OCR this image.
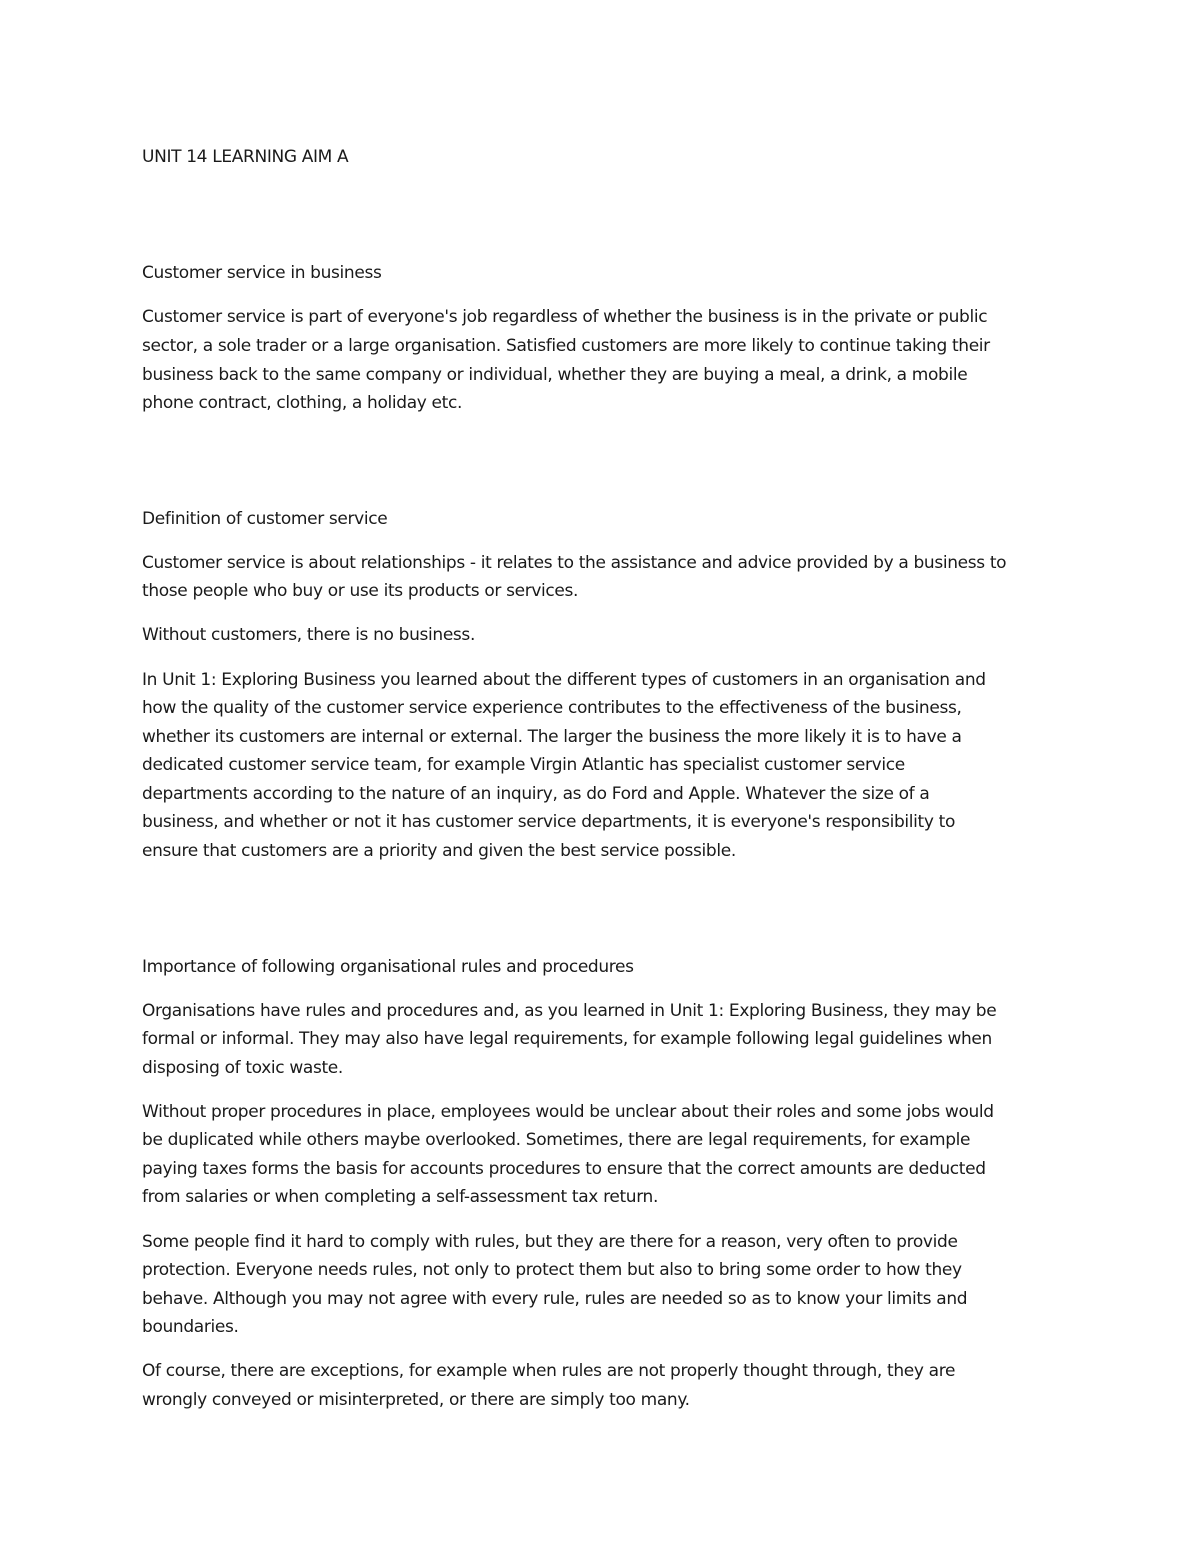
UNIT 14 LEARNING AIM A

Customer service in business

Customer service is part of everyone's job regardless of whether the business is in the private or public

sector, a sole trader or a large organisation. Satisfied customers are more likely to continue taking their

business back to the same company or individual, whether they are buying a meal, a drink, a mobile

phone contract, clothing, a holiday etc.

Definition of customer service

Customer service is about relationships - it relates to the assistance and advice provided by a business to

those people who buy or use its products or services.

Without customers, there is no business.

In Unit 1: Exploring Business you learned about the different types of customers in an organisation and

how the quality of the customer service experience contributes to the effectiveness of the business,

whether its customers are internal or external. The larger the business the more likely it is to have a

dedicated customer service team, for example Virgin Atlantic has specialist customer service

departments according to the nature of an inquiry, as do Ford and Apple. Whatever the size of a

business, and whether or not it has customer service departments, it is everyone's responsibility to

ensure that customers are a priority and given the best service possible.

Importance of following organisational rules and procedures

Organisations have rules and procedures and, as you learned in Unit 1: Exploring Business, they may be

formal or informal. They may also have legal requirements, for example following legal guidelines when

disposing of toxic waste.

Without proper procedures in place, employees would be unclear about their roles and some jobs would

be duplicated while others maybe overlooked. Sometimes, there are legal requirements, for example

paying taxes forms the basis for accounts procedures to ensure that the correct amounts are deducted

from salaries or when completing a self-assessment tax return.

Some people find it hard to comply with rules, but they are there for a reason, very often to provide

protection. Everyone needs rules, not only to protect them but also to bring some order to how they

behave. Although you may not agree with every rule, rules are needed so as to know your limits and

boundaries.

Of course, there are exceptions, for example when rules are not properly thought through, they are

wrongly conveyed or misinterpreted, or there are simply too many.
